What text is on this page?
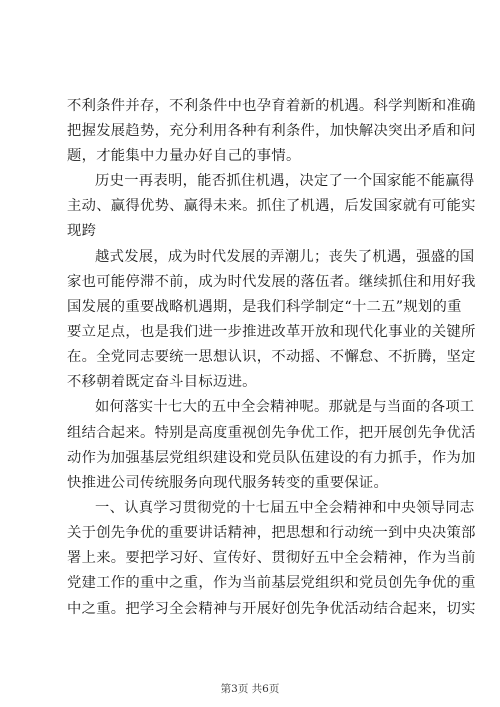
不利条件并存，不利条件中也孕育着新的机遇。科学判断和准确
把握发展趋势，充分利用各种有利条件，加快解决突出矛盾和问
题，才能集中力量办好自己的事情。
历史一再表明，能否抓住机遇，决定了一个国家能不能赢得
主动、赢得优势、赢得未来。抓住了机遇，后发国家就有可能实
现跨
越式发展，成为时代发展的弄潮儿；丧失了机遇，强盛的国
家也可能停滞不前，成为时代发展的落伍者。继续抓住和用好我
国发展的重要战略机遇期，是我们科学制定“十二五”规划的重
要立足点，也是我们进一步推进改革开放和现代化事业的关键所
在。全党同志要统一思想认识，不动摇、不懈怠、不折腾，坚定
不移朝着既定奋斗目标迈进。
如何落实十七大的五中全会精神呢。那就是与当面的各项工
组结合起来。特别是高度重视创先争优工作，把开展创先争优活
动作为加强基层党组织建设和党员队伍建设的有力抓手，作为加
快推进公司传统服务向现代服务转变的重要保证。
一、认真学习贯彻党的十七届五中全会精神和中央领导同志
关于创先争优的重要讲话精神，把思想和行动统一到中央决策部
署上来。要把学习好、宣传好、贯彻好五中全会精神，作为当前
党建工作的重中之重，作为当前基层党组织和党员创先争优的重
中之重。把学习全会精神与开展好创先争优活动结合起来，切实
第3页 共6页
